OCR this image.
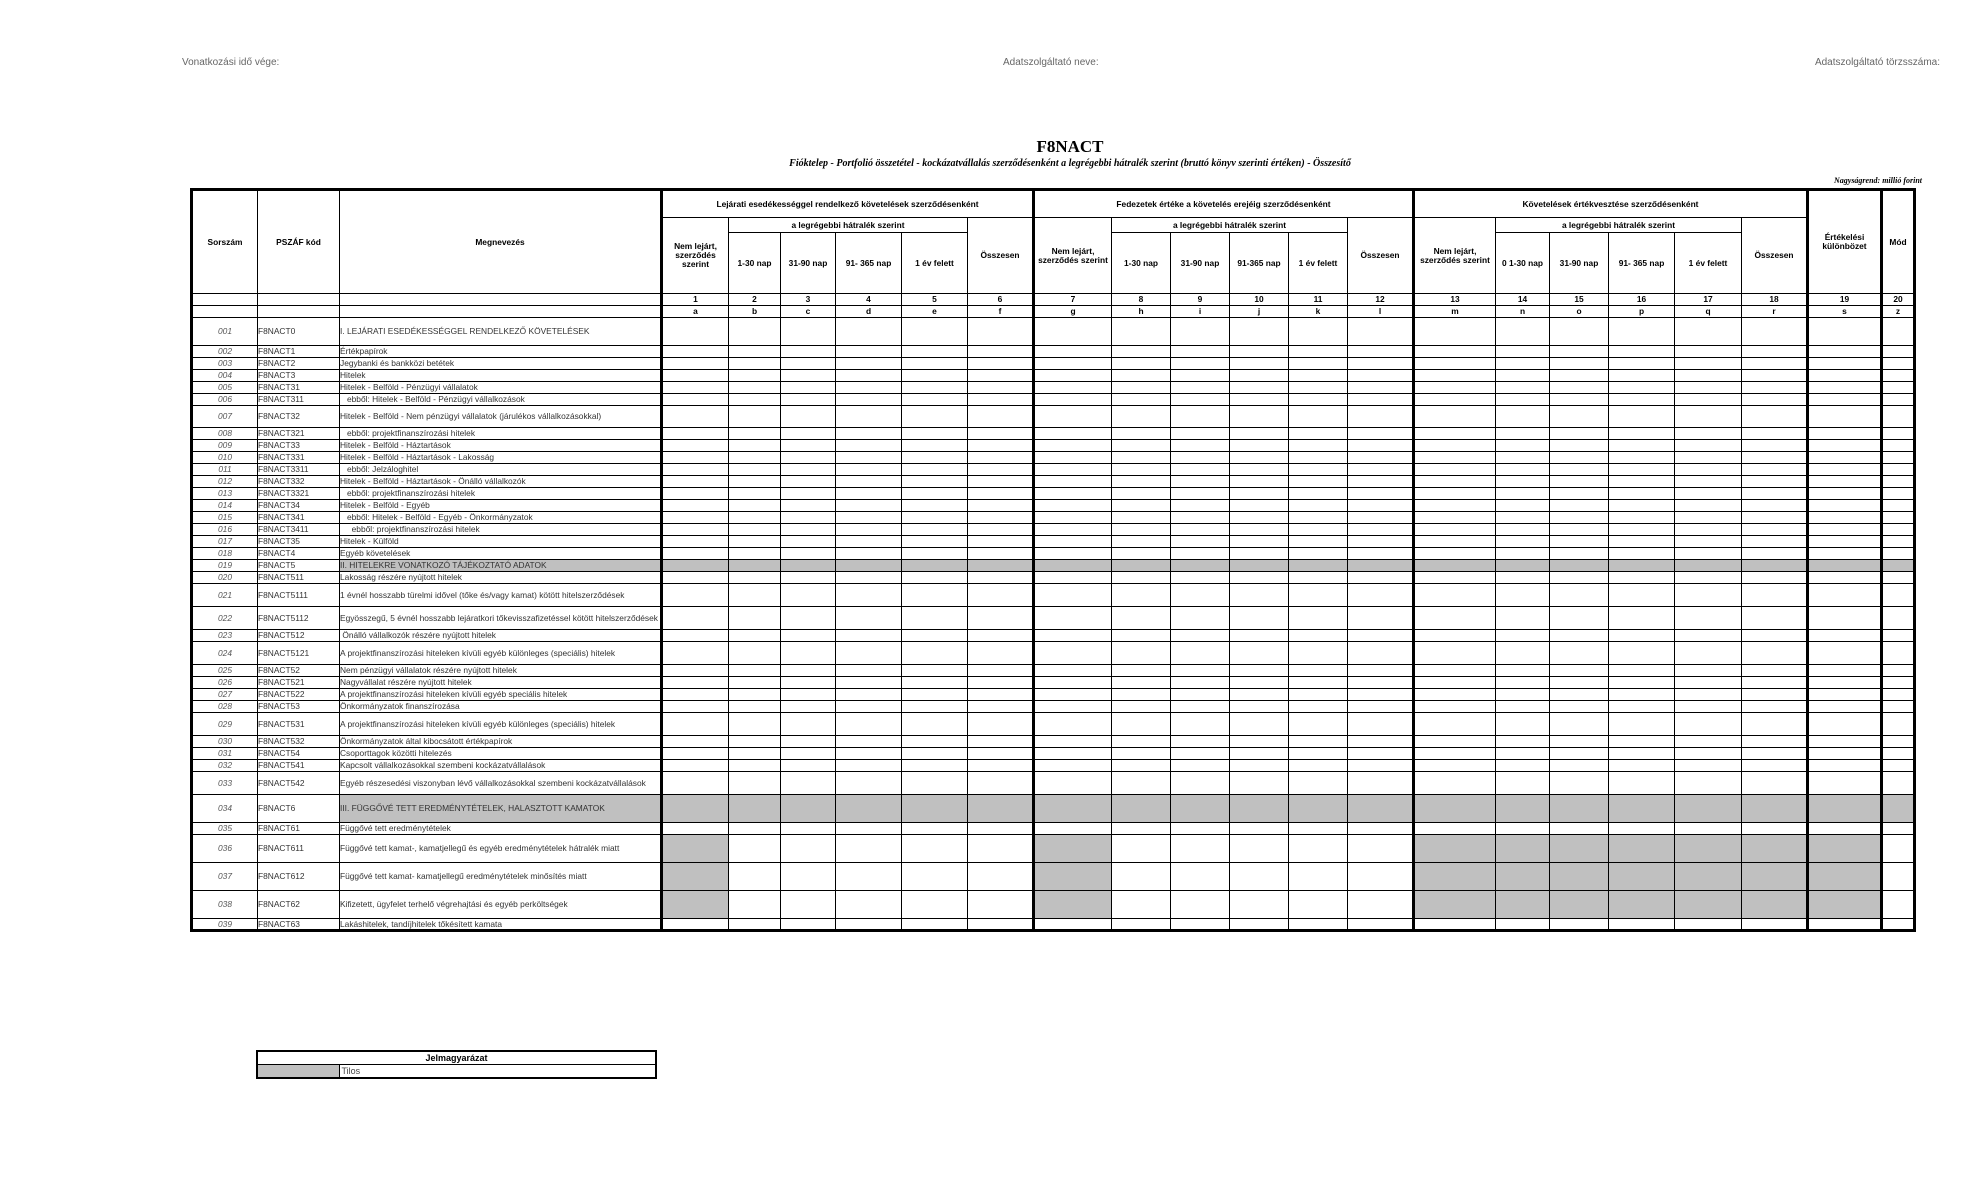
Vonatkozási idő vége:	Adatszolgáltató neve:	Adatszolgáltató törzsszáma:
F8NACT
Fióktelep - Portfolió összetétel - kockázatvállalás szerződésenként a legrégebbi hátralék szerint (bruttó könyv szerinti értéken) - Összesítő
Nagyságrend: millió forint
Sorszám	PSZÁF kód	Megnevezés	Lejárati esedékességgel rendelkező követelések szerződésenként						Fedezetek értéke a követelés erejéig szerződésenként						Követelések értékvesztése szerződésenként						Értékelési különbözet	Mód
			Nem lejárt, szerződés szerint	a legrégebbi hátralék szerint				Összesen	Nem lejárt, szerződés szerint	a legrégebbi hátralék szerint				Összesen	Nem lejárt, szerződés szerint	a legrégebbi hátralék szerint				Összesen		
				1-30 nap	31-90 nap	91- 365 nap	1 év felett			1-30 nap	31-90 nap	91-365 nap	1 év felett			0 1-30 nap	31-90 nap	91- 365 nap	1 év felett			
			1	2	3	4	5	6	7	8	9	10	11	12	13	14	15	16	17	18	19	20
			a	b	c	d	e	f	g	h	i	j	k	l	m	n	o	p	q	r	s	z
001	F8NACT0	I. LEJÁRATI ESEDÉKESSÉGGEL RENDELKEZŐ KÖVETELÉSEK																				
002	F8NACT1	Értékpapírok																				
003	F8NACT2	Jegybanki és bankközi betétek																				
004	F8NACT3	Hitelek																				
005	F8NACT31	Hitelek - Belföld - Pénzügyi vállalatok																				
006	F8NACT311	ebből: Hitelek - Belföld - Pénzügyi vállalkozások																				
007	F8NACT32	Hitelek - Belföld - Nem pénzügyi vállalatok (járulékos vállalkozásokkal)																				
008	F8NACT321	ebből: projektfinanszírozási hitelek																				
009	F8NACT33	Hitelek - Belföld - Háztartások																				
010	F8NACT331	Hitelek - Belföld - Háztartások - Lakosság																				
011	F8NACT3311	ebből: Jelzáloghitel																				
012	F8NACT332	Hitelek - Belföld - Háztartások - Önálló vállalkozók																				
013	F8NACT3321	ebből: projektfinanszírozási hitelek																				
014	F8NACT34	Hitelek - Belföld - Egyéb																				
015	F8NACT341	ebből: Hitelek - Belföld - Egyéb - Önkormányzatok																				
016	F8NACT3411	ebből: projektfinanszírozási hitelek																				
017	F8NACT35	Hitelek - Külföld																				
018	F8NACT4	Egyéb követelések																				
019	F8NACT5	II. HITELEKRE VONATKOZÓ TÁJÉKOZTATÓ ADATOK																				
020	F8NACT511	Lakosság részére nyújtott hitelek																				
021	F8NACT5111	1 évnél hosszabb türelmi idővel (tőke és/vagy kamat) kötött hitelszerződések																				
022	F8NACT5112	Egyösszegű, 5 évnél hosszabb lejáratkori tőkevisszafizetéssel kötött hitelszerződések																				
023	F8NACT512	Önálló vállalkozók részére nyújtott hitelek																				
024	F8NACT5121	A projektfinanszírozási hiteleken kívüli egyéb különleges (speciális) hitelek																				
025	F8NACT52	Nem pénzügyi vállalatok részére nyújtott hitelek																				
026	F8NACT521	Nagyvállalat részére nyújtott hitelek																				
027	F8NACT522	A projektfinanszírozási hiteleken kívüli egyéb speciális hitelek																				
028	F8NACT53	Önkormányzatok finanszírozása																				
029	F8NACT531	A projektfinanszírozási hiteleken kívüli egyéb különleges (speciális) hitelek																				
030	F8NACT532	Önkormányzatok által kibocsátott értékpapírok																				
031	F8NACT54	Csoporttagok közötti hitelezés																				
032	F8NACT541	Kapcsolt vállalkozásokkal szembeni kockázatvállalások																				
033	F8NACT542	Egyéb részesedési viszonyban lévő vállalkozásokkal szembeni kockázatvállalások																				
034	F8NACT6	III. FÜGGŐVÉ TETT EREDMÉNYTÉTELEK, HALASZTOTT KAMATOK																				
035	F8NACT61	Függővé tett eredménytételek																				
036	F8NACT611	Függővé tett kamat-, kamatjellegű és egyéb eredménytételek hátralék miatt																				
037	F8NACT612	Függővé tett kamat- kamatjellegű eredménytételek minősítés miatt																				
038	F8NACT62	Kifizetett, ügyfelet terhelő végrehajtási és egyéb perköltségek																				
039	F8NACT63	Lakáshitelek, tandíjhitelek tőkésített kamata																				
Jelmagyarázat
	Tilos
